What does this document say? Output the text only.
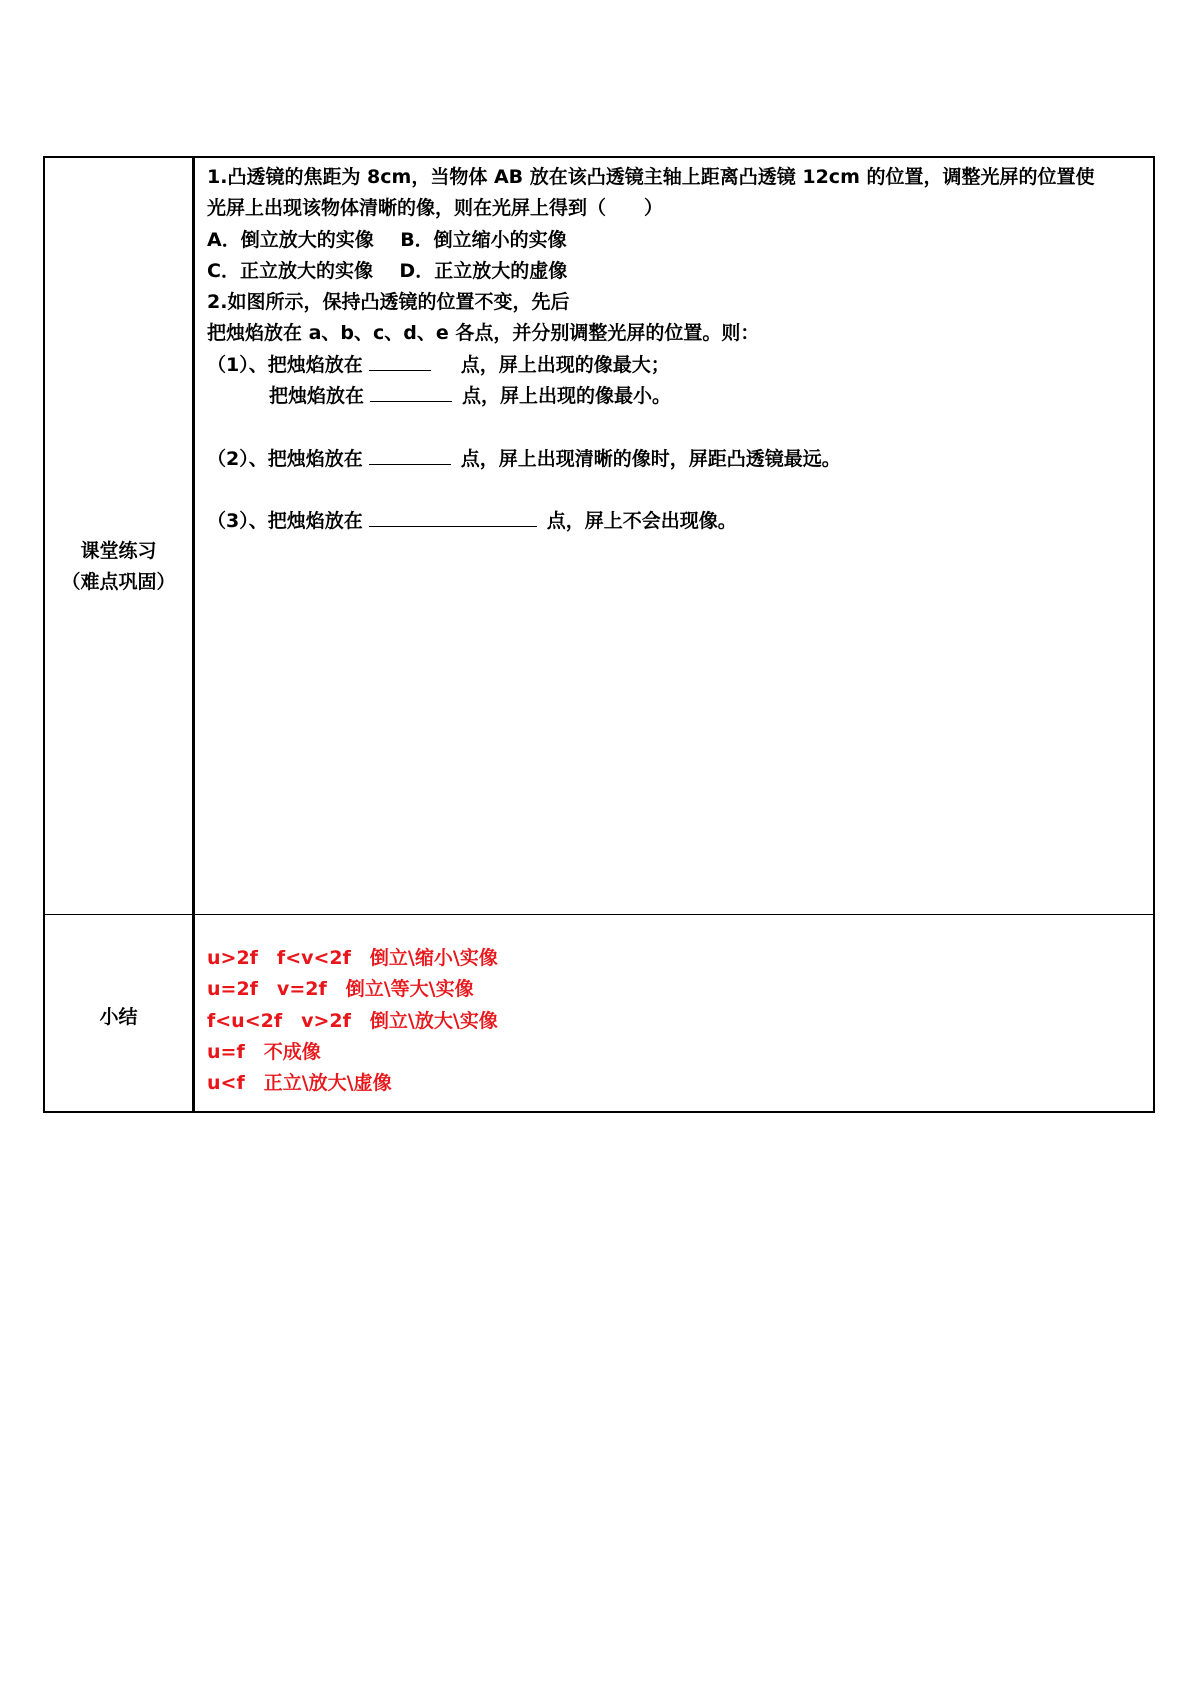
课堂练习
（难点巩固）
1.凸透镜的焦距为 8cm，当物体 AB 放在该凸透镜主轴上距离凸透镜 12cm 的位置，调整光屏的位置使
光屏上出现该物体清晰的像，则在光屏上得到（　　）
A．倒立放大的实像 B．倒立缩小的实像
C．正立放大的实像 D．正立放大的虚像
2.如图所示，保持凸透镜的位置不变，先后
把烛焰放在 a、b、c、d、e 各点，并分别调整光屏的位置。则：
（1）、把烛焰放在	点，屏上出现的像最大；
把烛焰放在	点，屏上出现的像最小。
（2）、把烛焰放在	点，屏上出现清晰的像时，屏距凸透镜最远。
（3）、把烛焰放在	点，屏上不会出现像。
小结
u>2f　f<v<2f　倒立\缩小\实像
u=2f　v=2f　倒立\等大\实像
f<u<2f　v>2f　倒立\放大\实像
u=f　不成像
u<f　正立\放大\虚像
